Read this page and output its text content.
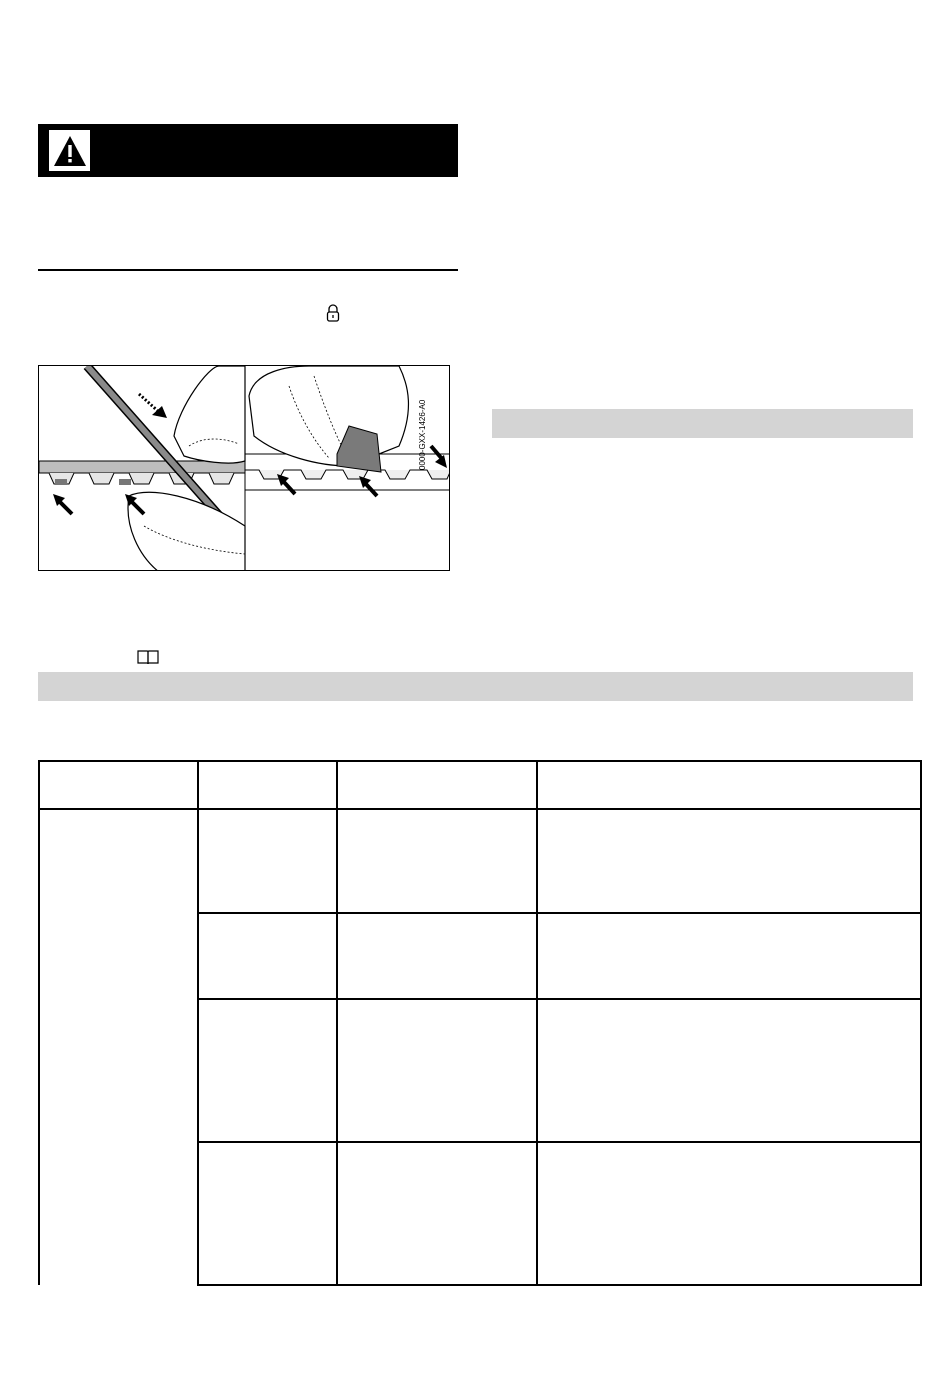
0000-GXX-1426-A0
